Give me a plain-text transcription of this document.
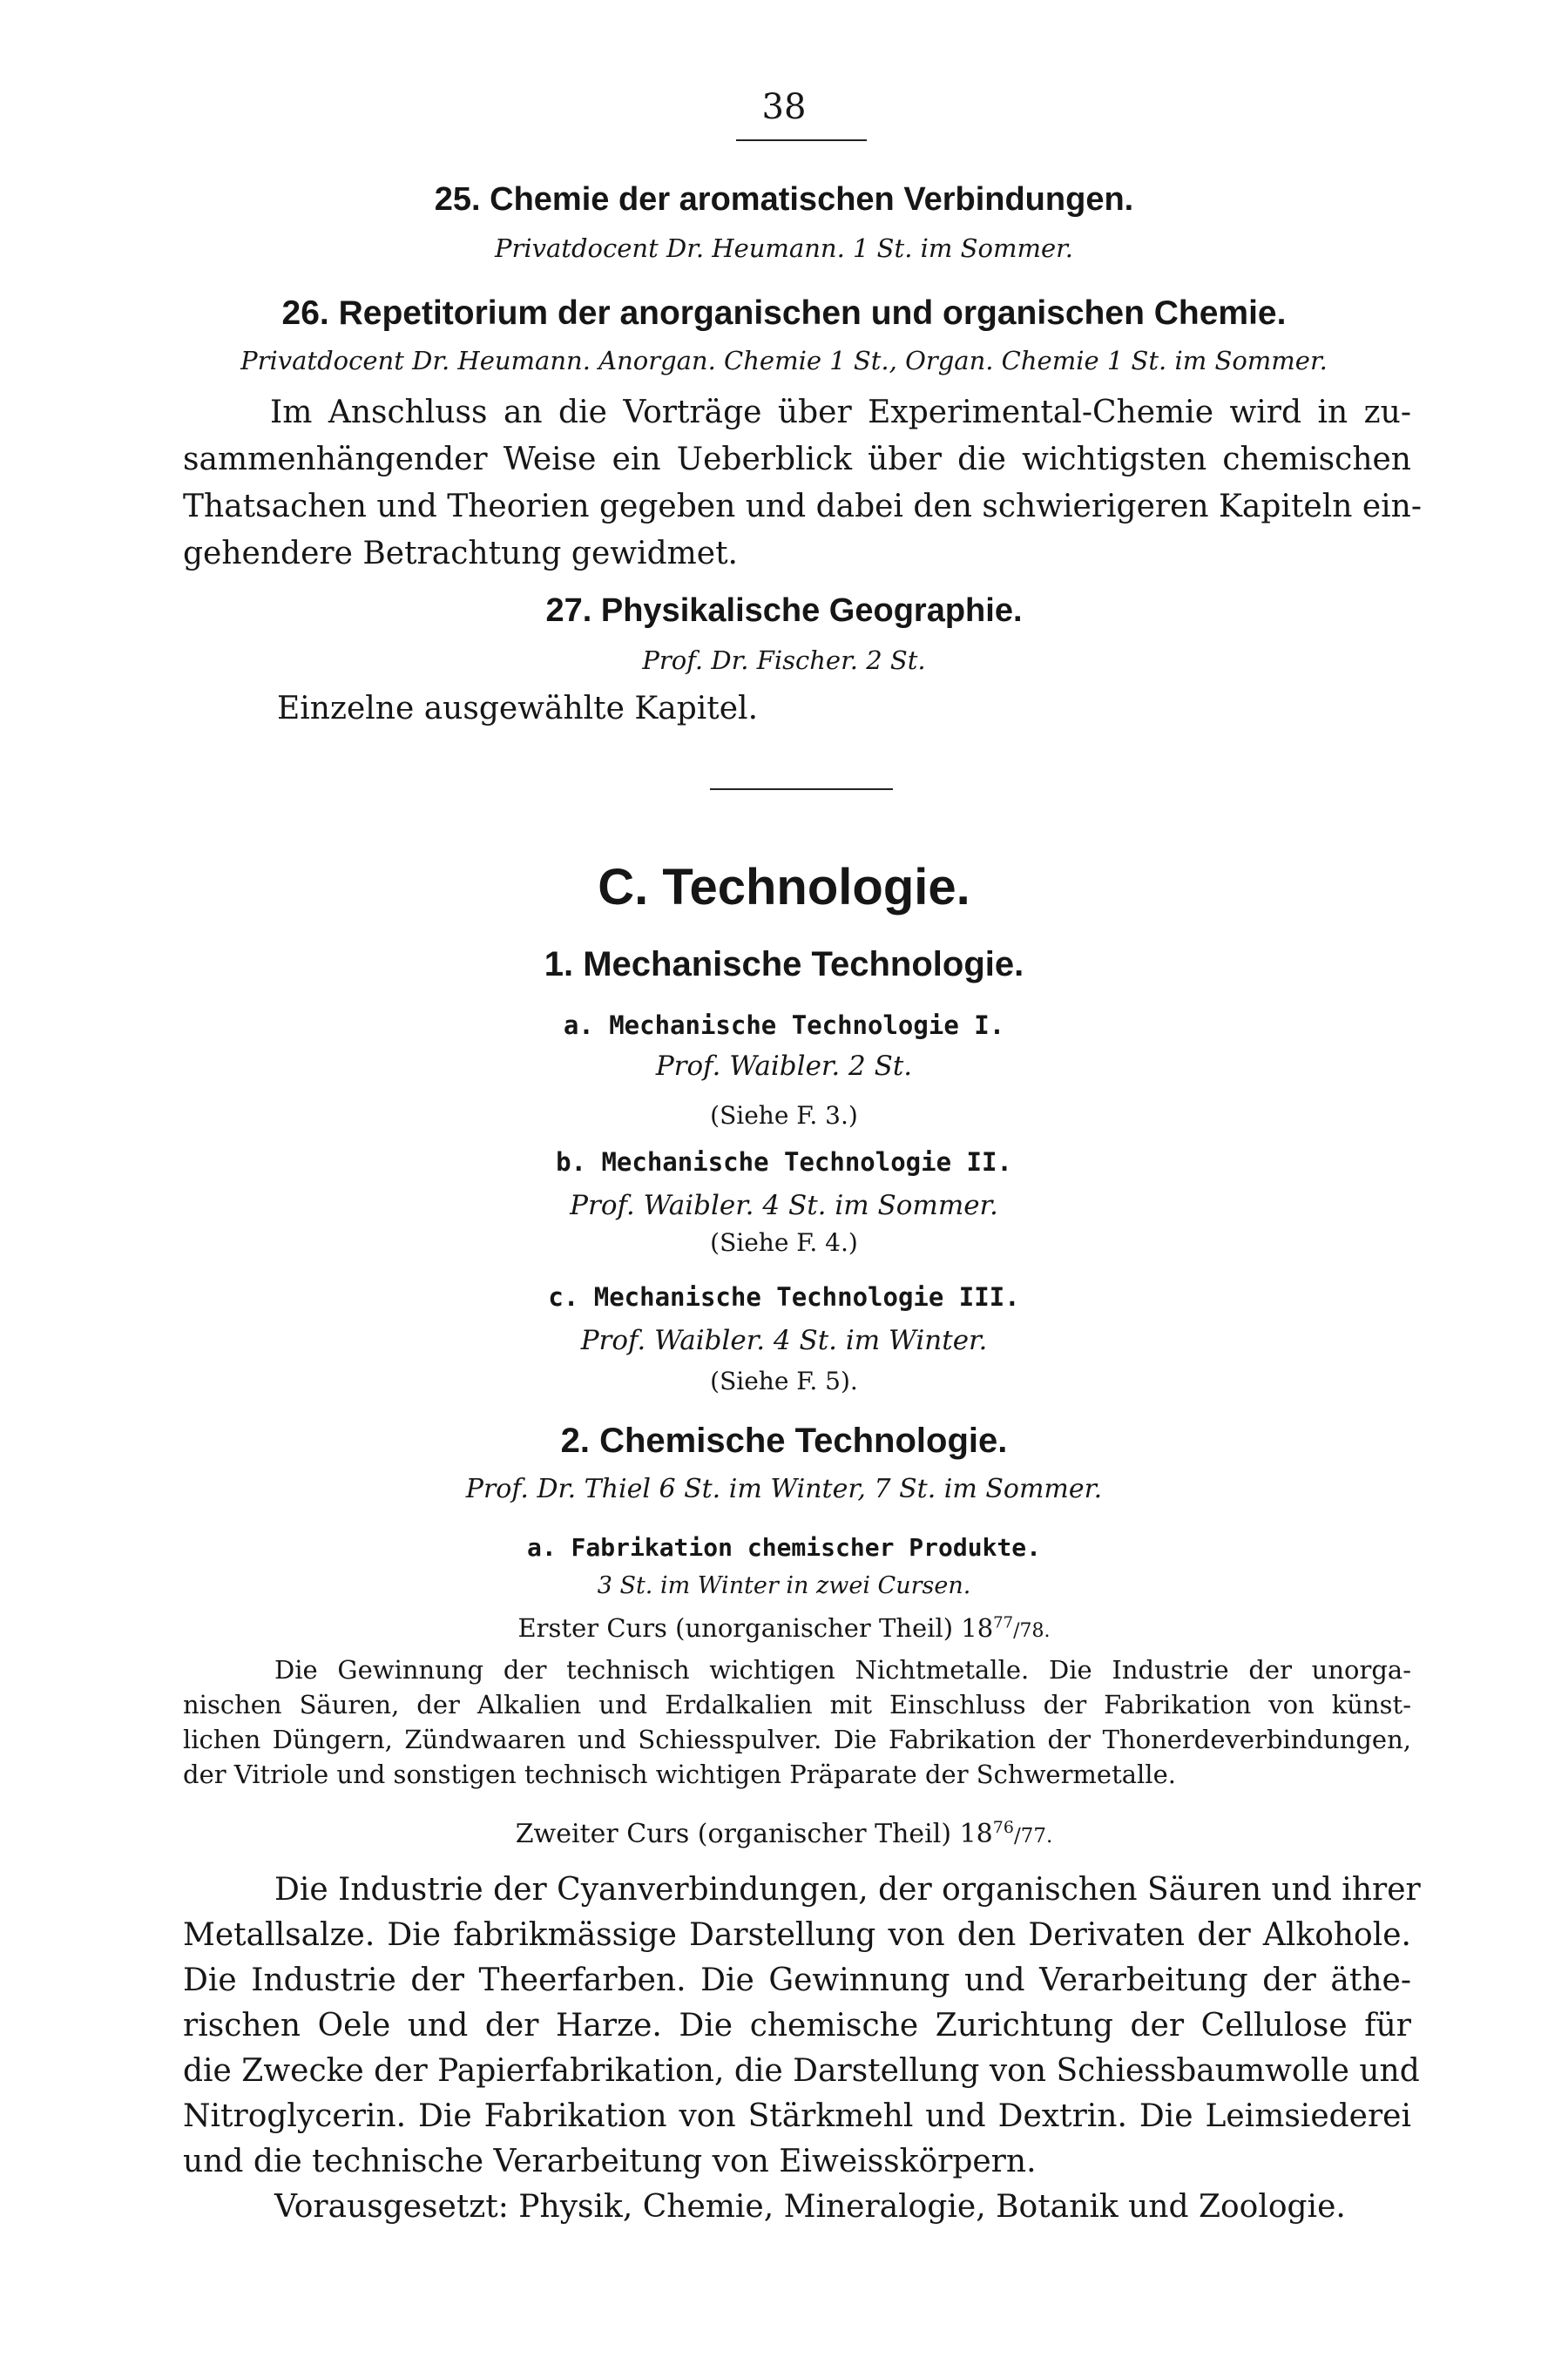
38
25. Chemie der aromatischen Verbindungen.
Privatdocent Dr. Heumann. 1 St. im Sommer.
26. Repetitorium der anorganischen und organischen Chemie.
Privatdocent Dr. Heumann. Anorgan. Chemie 1 St., Organ. Chemie 1 St. im Sommer.
Im Anschluss an die Vorträge über Experimental-Chemie wird in zu-
sammenhängender Weise ein Ueberblick über die wichtigsten chemischen
Thatsachen und Theorien gegeben und dabei den schwierigeren Kapiteln ein-
gehendere Betrachtung gewidmet.
27. Physikalische Geographie.
Prof. Dr. Fischer. 2 St.
Einzelne ausgewählte Kapitel.
C. Technologie.
1. Mechanische Technologie.
a. Mechanische Technologie I.
Prof. Waibler. 2 St.
(Siehe F. 3.)
b. Mechanische Technologie II.
Prof. Waibler. 4 St. im Sommer.
(Siehe F. 4.)
c. Mechanische Technologie III.
Prof. Waibler. 4 St. im Winter.
(Siehe F. 5).
2. Chemische Technologie.
Prof. Dr. Thiel 6 St. im Winter, 7 St. im Sommer.
a. Fabrikation chemischer Produkte.
3 St. im Winter in zwei Cursen.
Erster Curs (unorganischer Theil) $18^{77}/78$.
Die Gewinnung der technisch wichtigen Nichtmetalle. Die Industrie der unorga-
nischen Säuren, der Alkalien und Erdalkalien mit Einschluss der Fabrikation von künst-
lichen Düngern, Zündwaaren und Schiesspulver. Die Fabrikation der Thonerdeverbindungen,
der Vitriole und sonstigen technisch wichtigen Präparate der Schwermetalle.
Zweiter Curs (organischer Theil) $18^{76}/77$.
Die Industrie der Cyanverbindungen, der organischen Säuren und ihrer
Metallsalze. Die fabrikmässige Darstellung von den Derivaten der Alkohole.
Die Industrie der Theerfarben. Die Gewinnung und Verarbeitung der äthe-
rischen Oele und der Harze. Die chemische Zurichtung der Cellulose für
die Zwecke der Papierfabrikation, die Darstellung von Schiessbaumwolle und
Nitroglycerin. Die Fabrikation von Stärkmehl und Dextrin. Die Leimsiederei
und die technische Verarbeitung von Eiweisskörpern.
Vorausgesetzt: Physik, Chemie, Mineralogie, Botanik und Zoologie.
